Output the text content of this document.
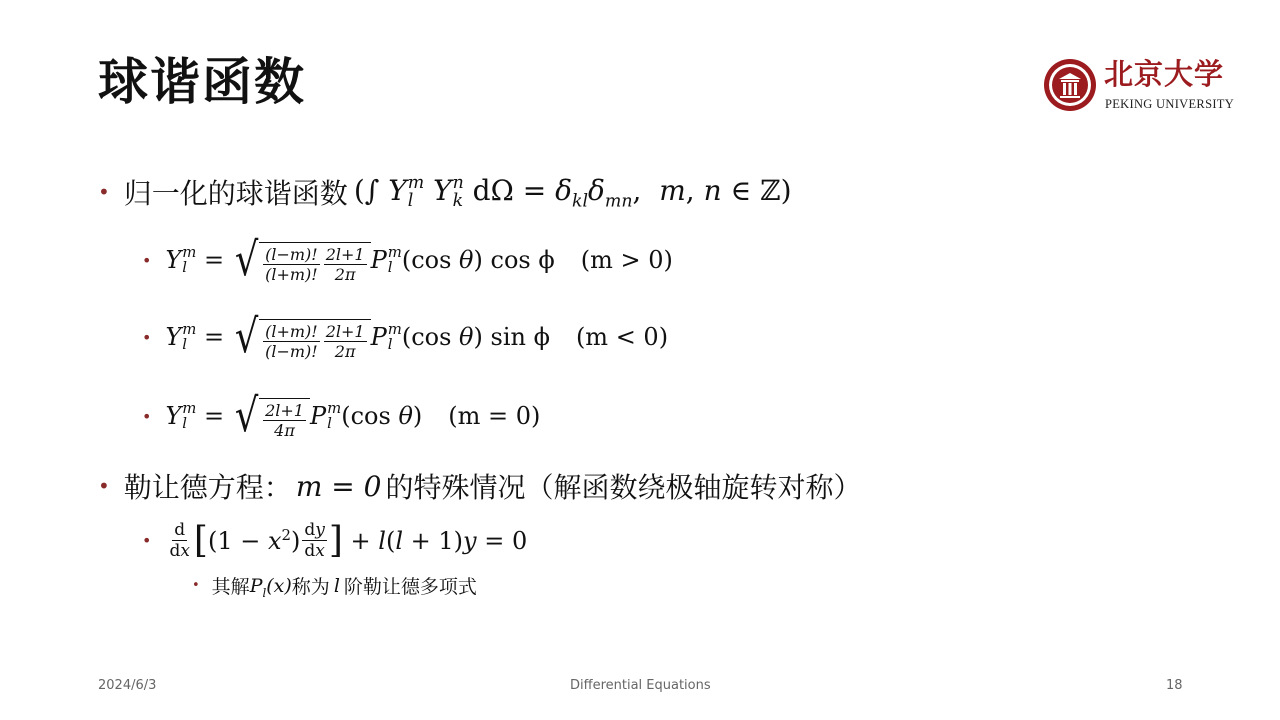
球谐函数	北京大学
PEKING UNIVERSITY
• 归一化的球谐函数 (∫ Y m
l Y n
k $d\Omega = \delta_{kl}\delta_{mn}$,  m, n ∈ ℤ)
• Y m
l = √ $\frac{(l-m)!}{(l+m)!} \frac{2l+1}{2\pi}$ P m
l (cos θ) cos ϕ (m > 0)
• Y m
l = √ $\frac{(l+m)!}{(l-m)!} \frac{2l+1}{2\pi}$ P m
l (cos θ) sin ϕ (m < 0)
• Y m
l = √ $\frac{2l+1}{4\pi}$ P m
l (cos θ) (m = 0)
• 勒让德方程： m = 0 的特殊情况（解函数绕极轴旋转对称）
• $\frac{d}{dx}$ [ $(1 - x^2) \frac{dy}{dx}$ ] + l(l + 1)y = 0
• 其解 $P_l(x)$ 称为 l 阶勒让德多项式
2024/6/3	Differential Equations	18
